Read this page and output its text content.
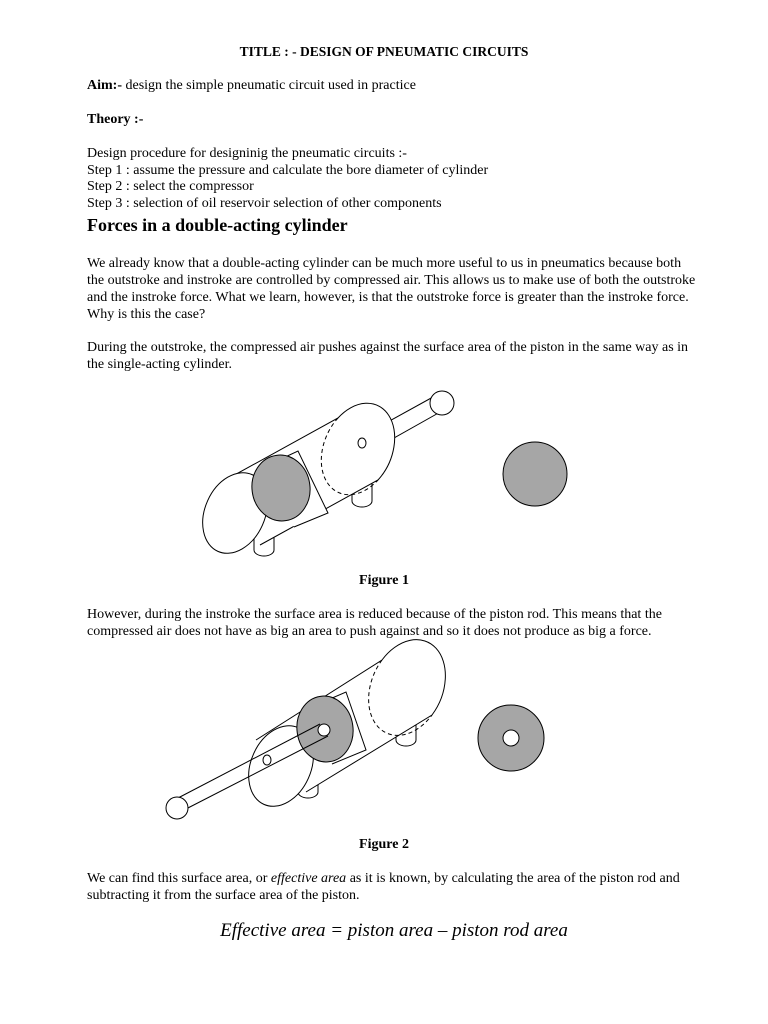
TITLE : - DESIGN OF PNEUMATIC CIRCUITS
Aim:- design the simple pneumatic circuit used in practice
Theory :-
Design procedure for designinig the pneumatic circuits :-
Step 1 : assume the pressure and calculate the bore diameter of cylinder
Step 2 : select the compressor
Step 3 : selection of oil reservoir selection of other components
Forces in a double-acting cylinder
We already know that a double-acting cylinder can be much more useful to us in pneumatics because both the outstroke and instroke are controlled by compressed air. This allows us to make use of both the outstroke and the instroke force. What we learn, however, is that the outstroke force is greater than the instroke force. Why is this the case?
During the outstroke, the compressed air pushes against the surface area of the piston in the same way as in the single-acting cylinder.
Figure 1
However, during the instroke the surface area is reduced because of the piston rod. This means that the compressed air does not have as big an area to push against and so it does not produce as big a force.
Figure 2
We can find this surface area, or effective area as it is known, by calculating the area of the piston rod and subtracting it from the surface area of the piston.
Effective area = piston area – piston rod area
